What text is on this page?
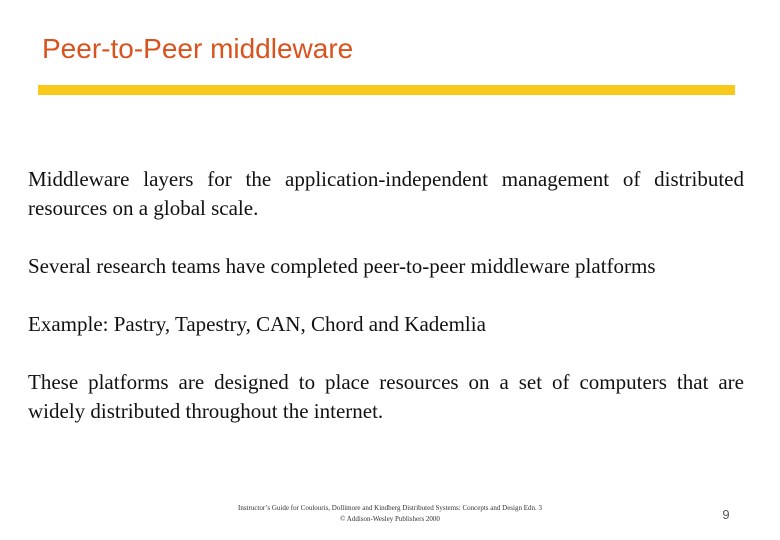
Peer-to-Peer middleware

Middleware layers for the application-independent management of distributed resources on a global scale.

Several research teams have completed peer-to-peer middleware platforms

Example: Pastry, Tapestry, CAN, Chord and Kademlia

These platforms are designed to place resources on a set of computers that are widely distributed throughout the internet.

Instructor’s Guide for Coulouris, Dollimore and Kindberg Distributed Systems: Concepts and Design Edn. 3
© Addison-Wesley Publishers 2000	9
